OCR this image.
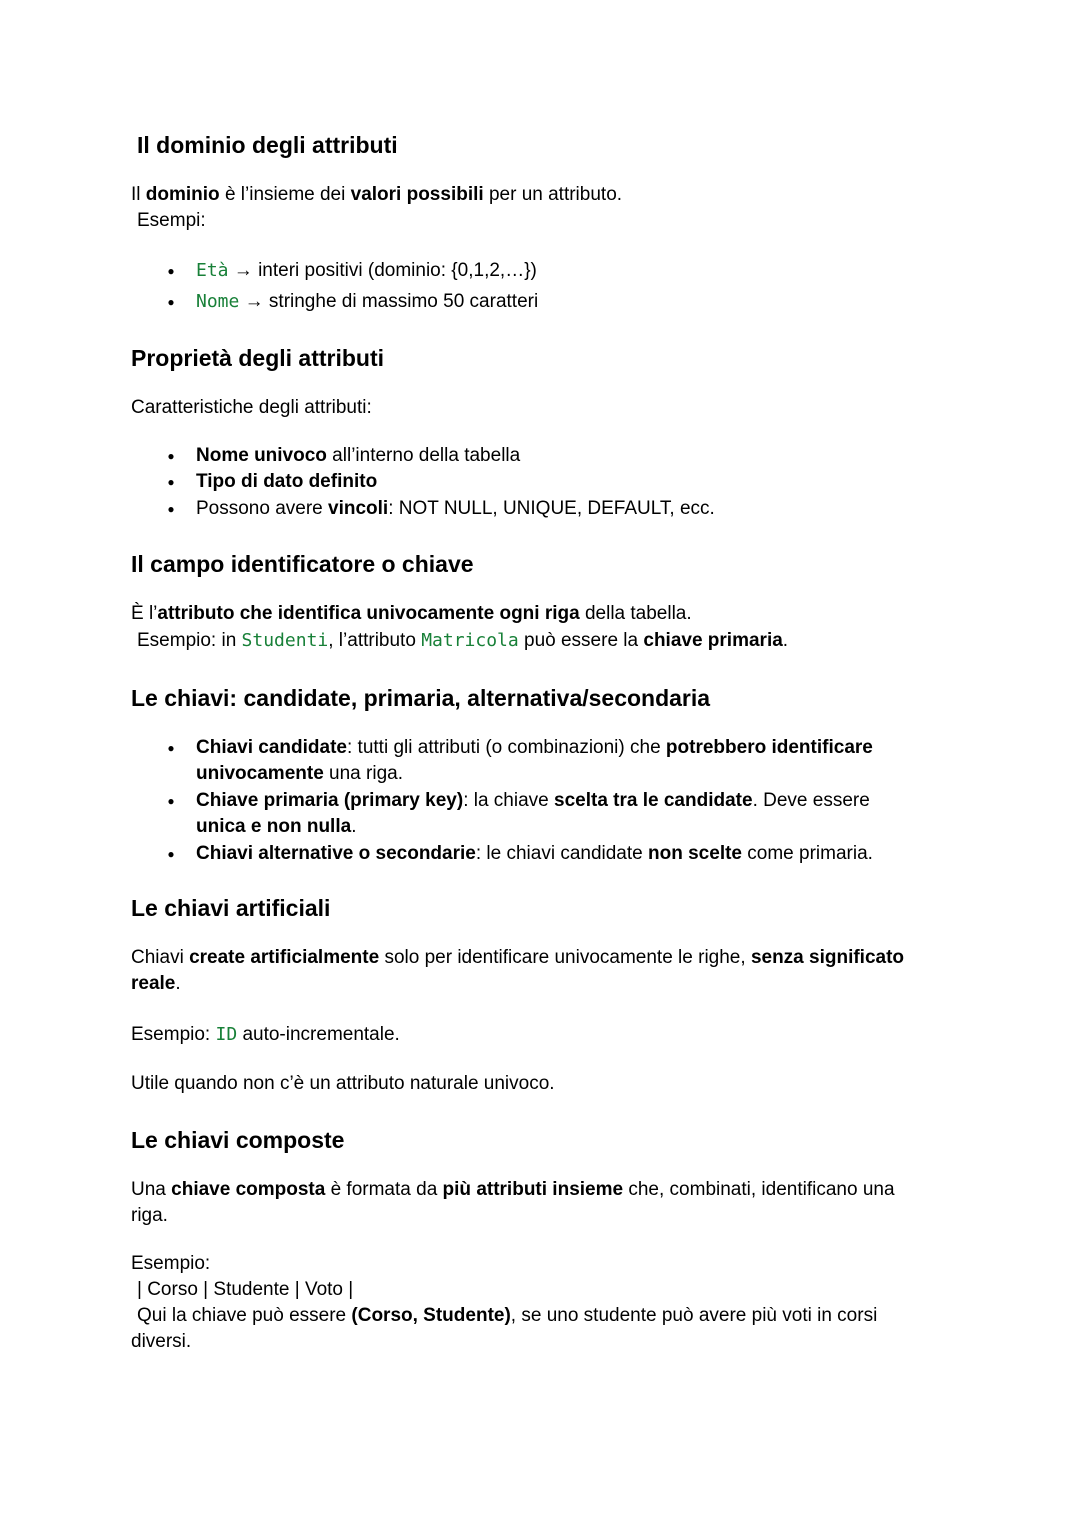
Il dominio degli attributi
Il dominio è l’insieme dei valori possibili per un attributo.
Esempi:
● Età → interi positivi (dominio: {0,1,2,…})
● Nome → stringhe di massimo 50 caratteri
Proprietà degli attributi
Caratteristiche degli attributi:
● Nome univoco all’interno della tabella
● Tipo di dato definito
● Possono avere vincoli: NOT NULL, UNIQUE, DEFAULT, ecc.
Il campo identificatore o chiave
È l’attributo che identifica univocamente ogni riga della tabella.
Esempio: in Studenti, l’attributo Matricola può essere la chiave primaria.
Le chiavi: candidate, primaria, alternativa/secondaria
● Chiavi candidate: tutti gli attributi (o combinazioni) che potrebbero identificare
univocamente una riga.
● Chiave primaria (primary key): la chiave scelta tra le candidate. Deve essere
unica e non nulla.
● Chiavi alternative o secondarie: le chiavi candidate non scelte come primaria.
Le chiavi artificiali
Chiavi create artificialmente solo per identificare univocamente le righe, senza significato
reale.
Esempio: ID auto-incrementale.
Utile quando non c’è un attributo naturale univoco.
Le chiavi composte
Una chiave composta è formata da più attributi insieme che, combinati, identificano una
riga.
Esempio:
| Corso | Studente | Voto |
Qui la chiave può essere (Corso, Studente), se uno studente può avere più voti in corsi
diversi.
